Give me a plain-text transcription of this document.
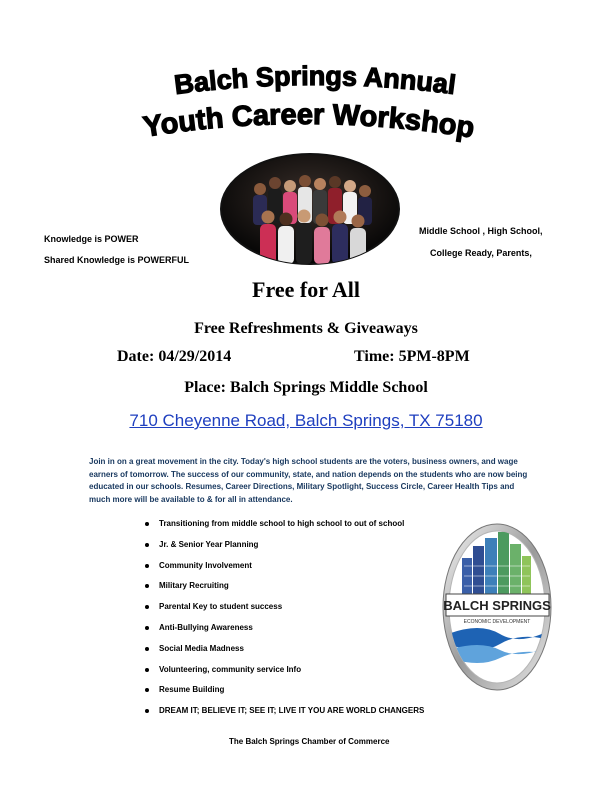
Balch Springs Annual
Youth Career Workshop
Knowledge is POWER
Shared Knowledge is POWERFUL
Middle School , High School,
College Ready, Parents,
Free for All
Free Refreshments & Giveaways
Date: 04/29/2014	Time: 5PM-8PM
Place: Balch Springs Middle School
710 Cheyenne Road, Balch Springs, TX 75180
Join in on a great movement in the city. Today's high school students are the voters, business owners, and wage earners of tomorrow. The success of our community, state, and nation depends on the students who are now being educated in our schools. Resumes, Career Directions, Military Spotlight, Success Circle, Career Health Tips and much more will be available to & for all in attendance.
Transitioning from middle school to high school to out of school
Jr. & Senior Year Planning
Community Involvement
Military Recruiting
Parental Key to student success
Anti-Bullying Awareness
Social Media Madness
Volunteering, community service Info
Resume Building
DREAM IT; BELIEVE IT; SEE IT; LIVE IT YOU ARE WORLD CHANGERS
BALCH SPRINGS
ECONOMIC DEVELOPMENT
The Balch Springs Chamber of Commerce
